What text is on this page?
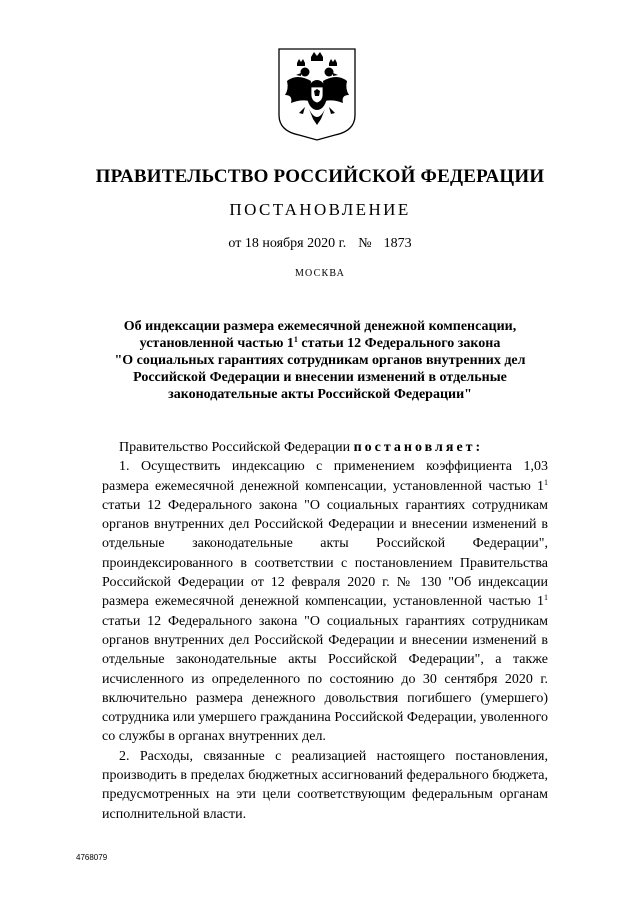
ПРАВИТЕЛЬСТВО РОССИЙСКОЙ ФЕДЕРАЦИИ
ПОСТАНОВЛЕНИЕ
от 18 ноября 2020 г. № 1873
МОСКВА
Об индексации размера ежемесячной денежной компенсации,
установленной частью $1^1$ статьи 12 Федерального закона
"О социальных гарантиях сотрудникам органов внутренних дел
Российской Федерации и внесении изменений в отдельные
законодательные акты Российской Федерации"

Правительство Российской Федерации постановляет:

1. Осуществить индексацию с применением коэффициента 1,03 размера ежемесячной денежной компенсации, установленной частью $1^1$ статьи 12 Федерального закона "О социальных гарантиях сотрудникам органов внутренних дел Российской Федерации и внесении изменений в отдельные законодательные акты Российской Федерации", проиндексированного в соответствии с постановлением Правительства Российской Федерации от 12 февраля 2020 г. № 130 "Об индексации размера ежемесячной денежной компенсации, установленной частью $1^1$ статьи 12 Федерального закона "О социальных гарантиях сотрудникам органов внутренних дел Российской Федерации и внесении изменений в отдельные законодательные акты Российской Федерации", а также исчисленного из определенного по состоянию до 30 сентября 2020 г. включительно размера денежного довольствия погибшего (умершего) сотрудника или умершего гражданина Российской Федерации, уволенного со службы в органах внутренних дел.

2. Расходы, связанные с реализацией настоящего постановления, производить в пределах бюджетных ассигнований федерального бюджета, предусмотренных на эти цели соответствующим федеральным органам исполнительной власти.

4768079
